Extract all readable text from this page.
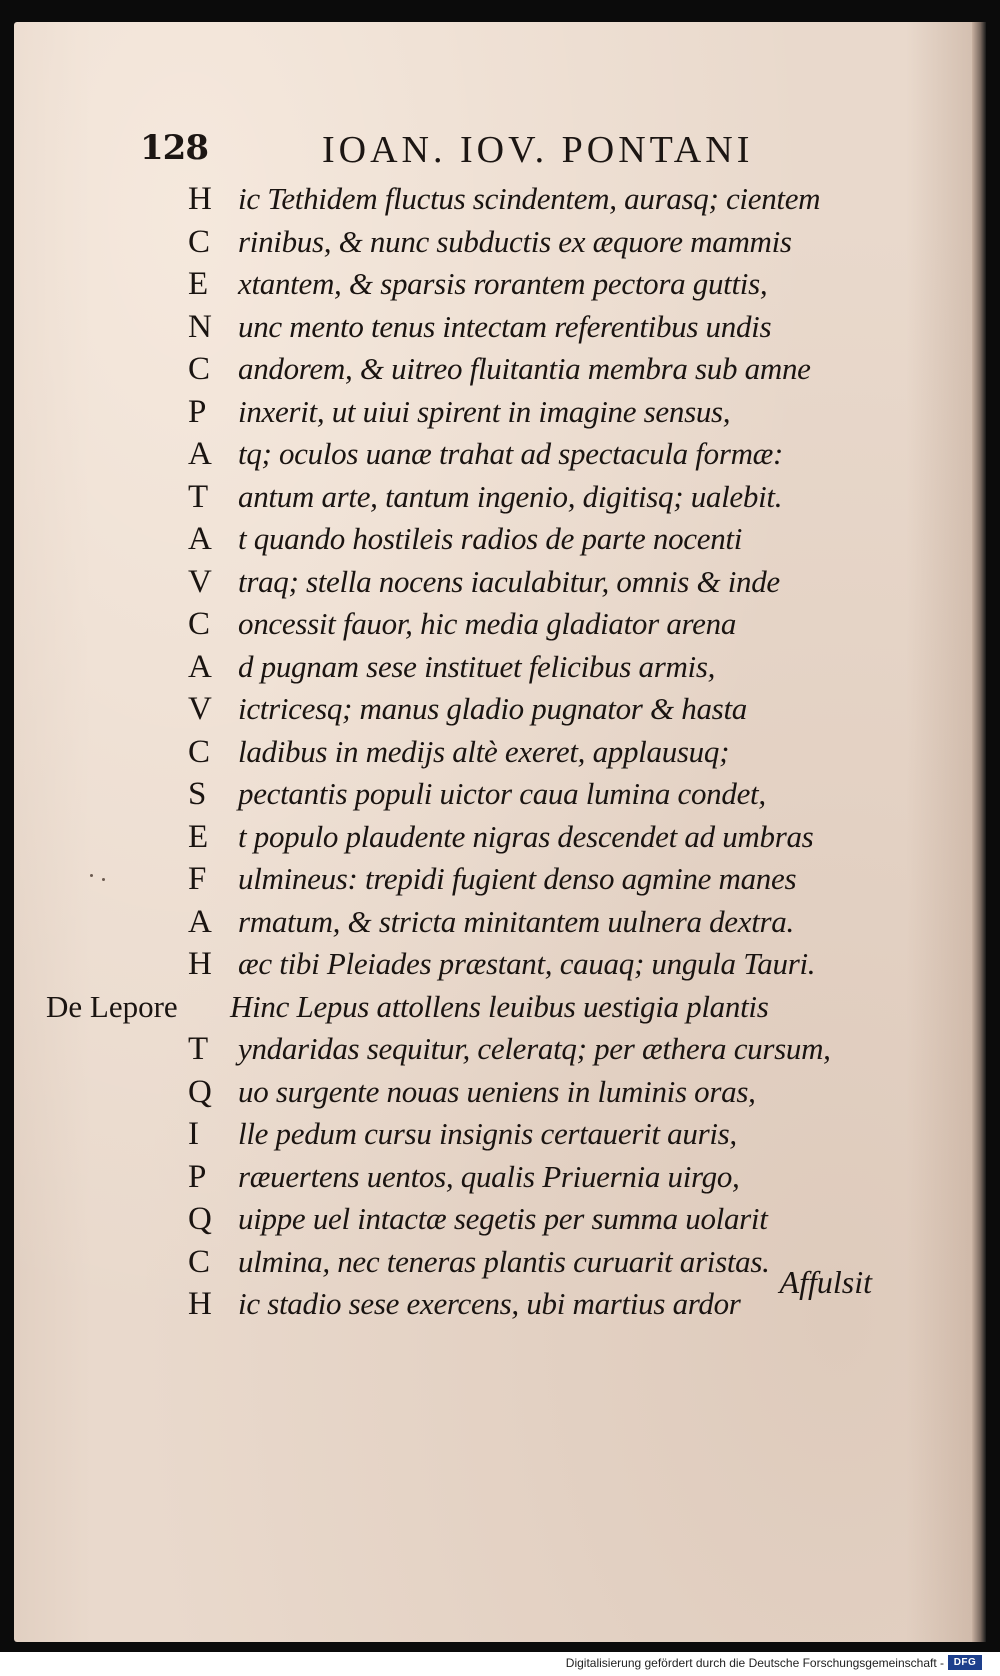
128	IOAN. IOV. PONTANI
H ic Tethidem fluctus scindentem, aurasq; cientem
C rinibus, & nunc subductis ex æquore mammis
E xtantem, & sparsis rorantem pectora guttis,
N unc mento tenus intectam referentibus undis
C andorem, & uitreo fluitantia membra sub amne
P	inxerit, ut uiui spirent in imagine sensus,
A tq; oculos uanæ trahat ad spectacula formæ:
T antum arte, tantum ingenio, digitisq; ualebit.
A t quando hostileis radios de parte nocenti
V traq; stella nocens iaculabitur, omnis & inde
C oncessit fauor, hic media gladiator arena
A d pugnam sese instituet felicibus armis,
V ictricesq; manus gladio pugnator & hasta
C ladibus in medijs altè exeret, applausuq;
S	pectantis populi uictor caua lumina condet,
E t populo plaudente nigras descendet ad umbras
F	ulmineus: trepidi fugient denso agmine manes
A rmatum, & stricta minitantem uulnera dextra.
H æc tibi Pleiades præstant, cauaq; ungula Tauri.
De Lepore Hinc Lepus attollens leuibus uestigia plantis
T yndaridas sequitur, celeratq; per æthera cursum,
Q uo surgente nouas ueniens in luminis oras,
I	lle pedum cursu insignis certauerit auris,
P	ræuertens uentos, qualis Priuernia uirgo,
Q uippe uel intactæ segetis per summa uolarit
C ulmina, nec teneras plantis curuarit aristas.
H ic stadio sese exercens, ubi martius ardor
Affulsit
Digitalisierung gefördert durch die Deutsche Forschungsgemeinschaft - DFG
